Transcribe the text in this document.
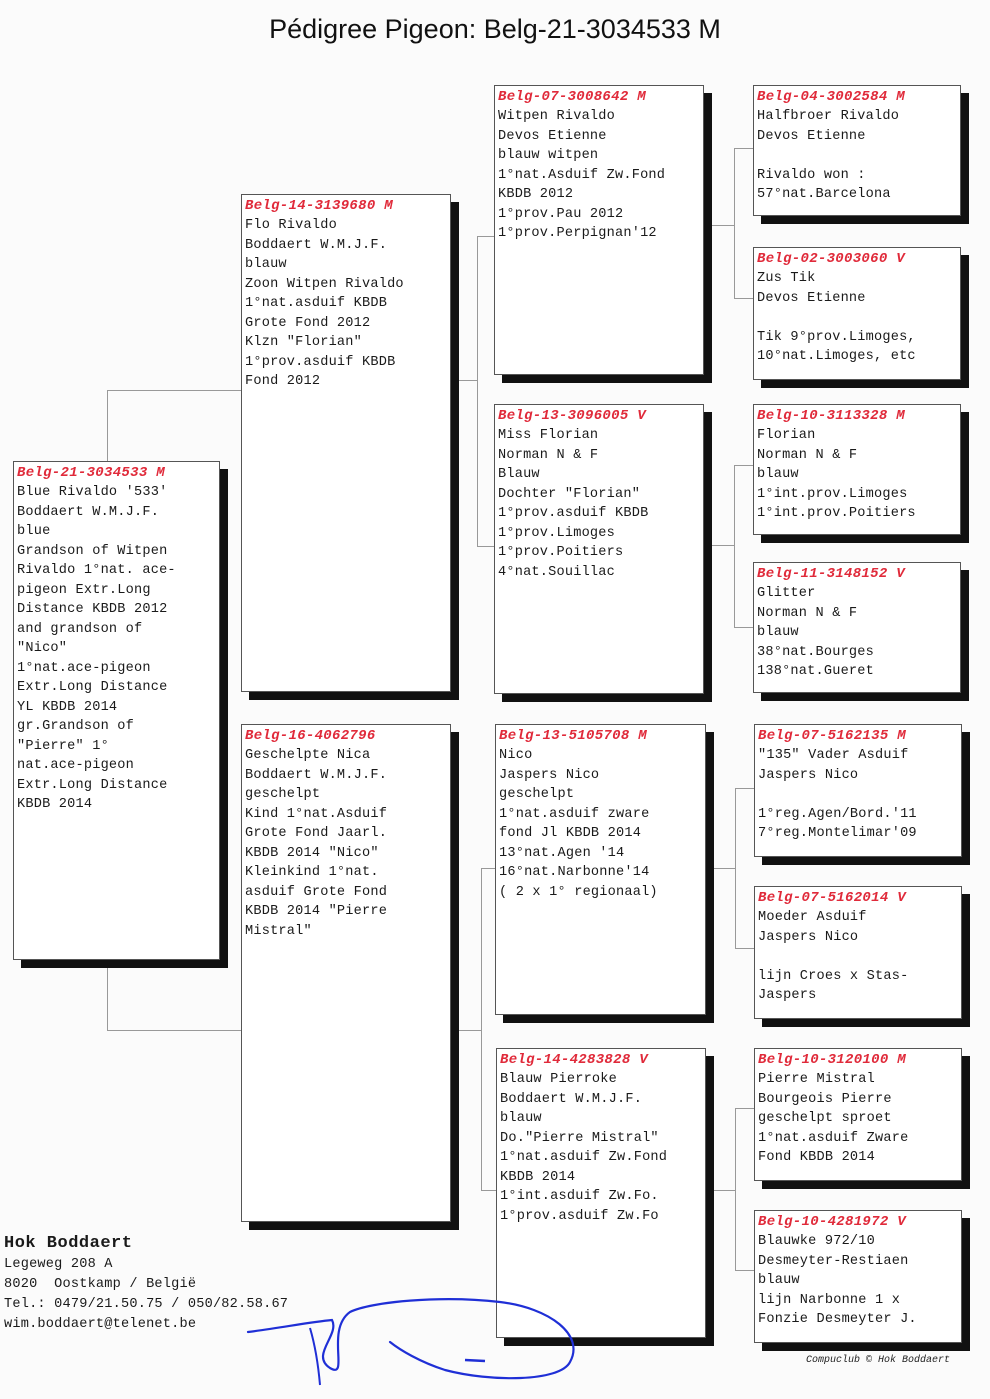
Pédigree Pigeon: Belg-21-3034533 M
Belg-21-3034533 M
Blue Rivaldo '533'
Boddaert W.M.J.F.
blue
Grandson of Witpen
Rivaldo 1°nat. ace-
pigeon Extr.Long
Distance KBDB 2012
and grandson of
"Nico"
1°nat.ace-pigeon
Extr.Long Distance
YL KBDB 2014
gr.Grandson of
"Pierre" 1°
nat.ace-pigeon
Extr.Long Distance
KBDB 2014
Belg-14-3139680 M
Flo Rivaldo
Boddaert W.M.J.F.
blauw
Zoon Witpen Rivaldo
1°nat.asduif KBDB
Grote Fond 2012
Klzn "Florian"
1°prov.asduif KBDB
Fond 2012
Belg-16-4062796
Geschelpte Nica
Boddaert W.M.J.F.
geschelpt
Kind 1°nat.Asduif
Grote Fond Jaarl.
KBDB 2014 "Nico"
Kleinkind 1°nat.
asduif Grote Fond
KBDB 2014 "Pierre
Mistral"
Belg-07-3008642 M
Witpen Rivaldo
Devos Etienne
blauw witpen
1°nat.Asduif Zw.Fond
KBDB 2012
1°prov.Pau 2012
1°prov.Perpignan'12
Belg-13-3096005 V
Miss Florian
Norman N & F
Blauw
Dochter "Florian"
1°prov.asduif KBDB
1°prov.Limoges
1°prov.Poitiers
4°nat.Souillac
Belg-13-5105708 M
Nico
Jaspers Nico
geschelpt
1°nat.asduif zware
fond Jl KBDB 2014
13°nat.Agen '14
16°nat.Narbonne'14
( 2 x 1° regionaal)
Belg-14-4283828 V
Blauw Pierroke
Boddaert W.M.J.F.
blauw
Do."Pierre Mistral"
1°nat.asduif Zw.Fond
KBDB 2014
1°int.asduif Zw.Fo.
1°prov.asduif Zw.Fo
Belg-04-3002584 M
Halfbroer Rivaldo
Devos Etienne
Rivaldo won :
57°nat.Barcelona
Belg-02-3003060 V
Zus Tik
Devos Etienne
Tik 9°prov.Limoges,
10°nat.Limoges, etc
Belg-10-3113328 M
Florian
Norman N & F
blauw
1°int.prov.Limoges
1°int.prov.Poitiers
Belg-11-3148152 V
Glitter
Norman N & F
blauw
38°nat.Bourges
138°nat.Gueret
Belg-07-5162135 M
"135" Vader Asduif
Jaspers Nico
1°reg.Agen/Bord.'11
7°reg.Montelimar'09
Belg-07-5162014 V
Moeder Asduif
Jaspers Nico
lijn Croes x Stas-
Jaspers
Belg-10-3120100 M
Pierre Mistral
Bourgeois Pierre
geschelpt sproet
1°nat.asduif Zware
Fond KBDB 2014
Belg-10-4281972 V
Blauwke 972/10
Desmeyter-Restiaen
blauw
lijn Narbonne 1 x
Fonzie Desmeyter J.
Hok Boddaert
Legeweg 208 A
8020  Oostkamp / België
Tel.: 0479/21.50.75 / 050/82.58.67
wim.boddaert@telenet.be
Compuclub © Hok Boddaert
